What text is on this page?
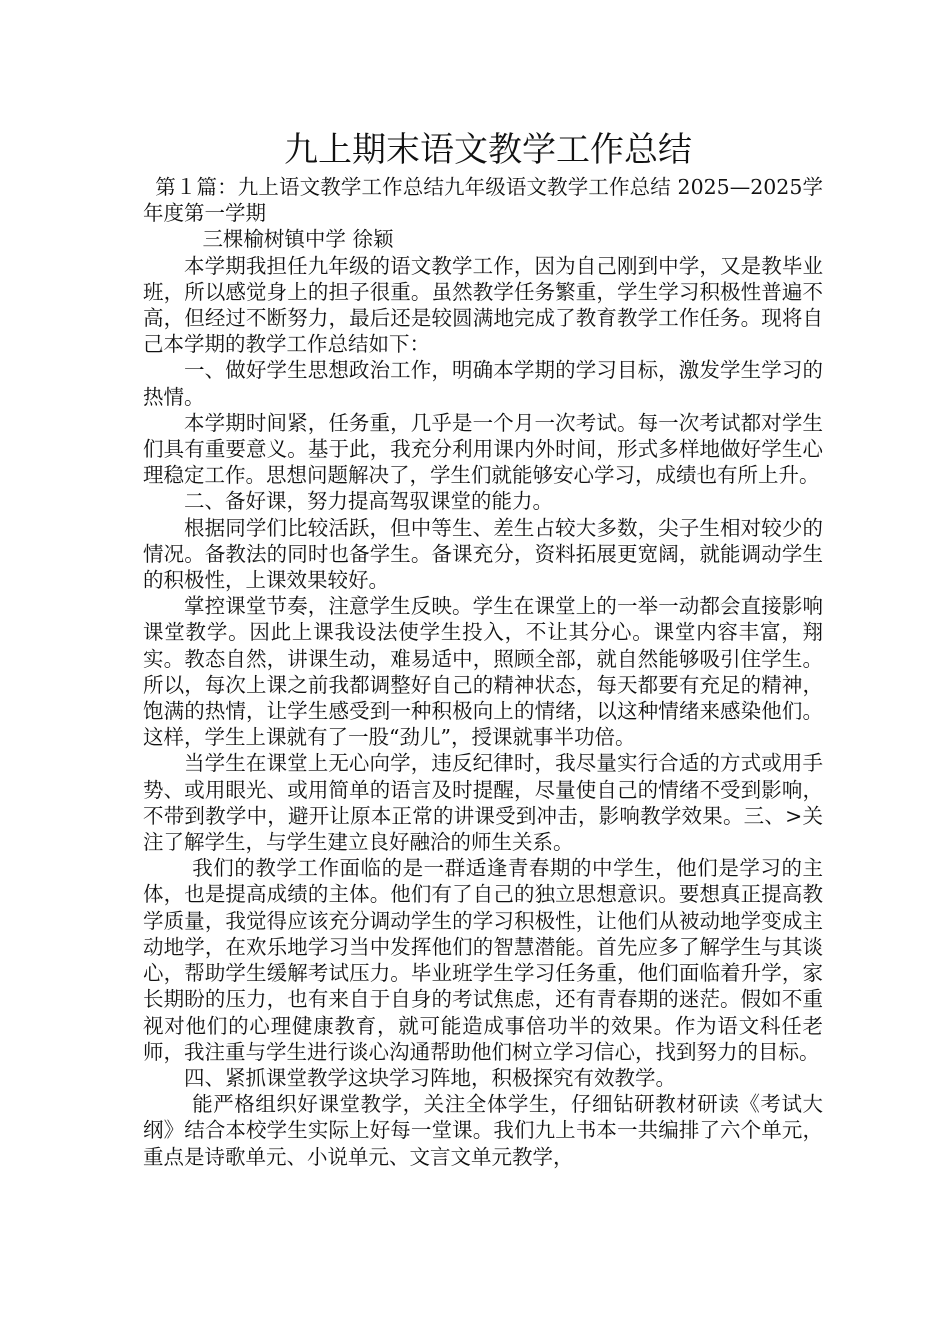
九上期末语文教学工作总结

第１篇：九上语文教学工作总结九年级语文教学工作总结 2025—2025学年度第一学期

三棵榆树镇中学 徐颖

本学期我担任九年级的语文教学工作，因为自己刚到中学，又是教毕业班，所以感觉身上的担子很重。虽然教学任务繁重，学生学习积极性普遍不高，但经过不断努力，最后还是较圆满地完成了教育教学工作任务。现将自己本学期的教学工作总结如下：

一、做好学生思想政治工作，明确本学期的学习目标，激发学生学习的热情。

本学期时间紧，任务重，几乎是一个月一次考试。每一次考试都对学生们具有重要意义。基于此，我充分利用课内外时间，形式多样地做好学生心理稳定工作。思想问题解决了，学生们就能够安心学习，成绩也有所上升。

二、备好课，努力提高驾驭课堂的能力。

根据同学们比较活跃，但中等生、差生占较大多数，尖子生相对较少的情况。备教法的同时也备学生。备课充分，资料拓展更宽阔，就能调动学生的积极性，上课效果较好。

掌控课堂节奏，注意学生反映。学生在课堂上的一举一动都会直接影响课堂教学。因此上课我设法使学生投入，不让其分心。课堂内容丰富，翔实。教态自然，讲课生动，难易适中，照顾全部，就自然能够吸引住学生。所以，每次上课之前我都调整好自己的精神状态，每天都要有充足的精神，饱满的热情，让学生感受到一种积极向上的情绪，以这种情绪来感染他们。这样，学生上课就有了一股“劲儿”，授课就事半功倍。

当学生在课堂上无心向学，违反纪律时，我尽量实行合适的方式或用手势、或用眼光、或用简单的语言及时提醒，尽量使自己的情绪不受到影响，不带到教学中，避开让原本正常的讲课受到冲击，影响教学效果。三、>关注了解学生，与学生建立良好融洽的师生关系。

我们的教学工作面临的是一群适逢青春期的中学生，他们是学习的主体，也是提高成绩的主体。他们有了自己的独立思想意识。要想真正提高教学质量，我觉得应该充分调动学生的学习积极性，让他们从被动地学变成主动地学，在欢乐地学习当中发挥他们的智慧潜能。首先应多了解学生与其谈心，帮助学生缓解考试压力。毕业班学生学习任务重，他们面临着升学，家长期盼的压力，也有来自于自身的考试焦虑，还有青春期的迷茫。假如不重视对他们的心理健康教育，就可能造成事倍功半的效果。作为语文科任老师，我注重与学生进行谈心沟通帮助他们树立学习信心，找到努力的目标。

四、紧抓课堂教学这块学习阵地，积极探究有效教学。

能严格组织好课堂教学，关注全体学生，仔细钻研教材研读《考试大纲》结合本校学生实际上好每一堂课。我们九上书本一共编排了六个单元，重点是诗歌单元、小说单元、文言文单元教学，
